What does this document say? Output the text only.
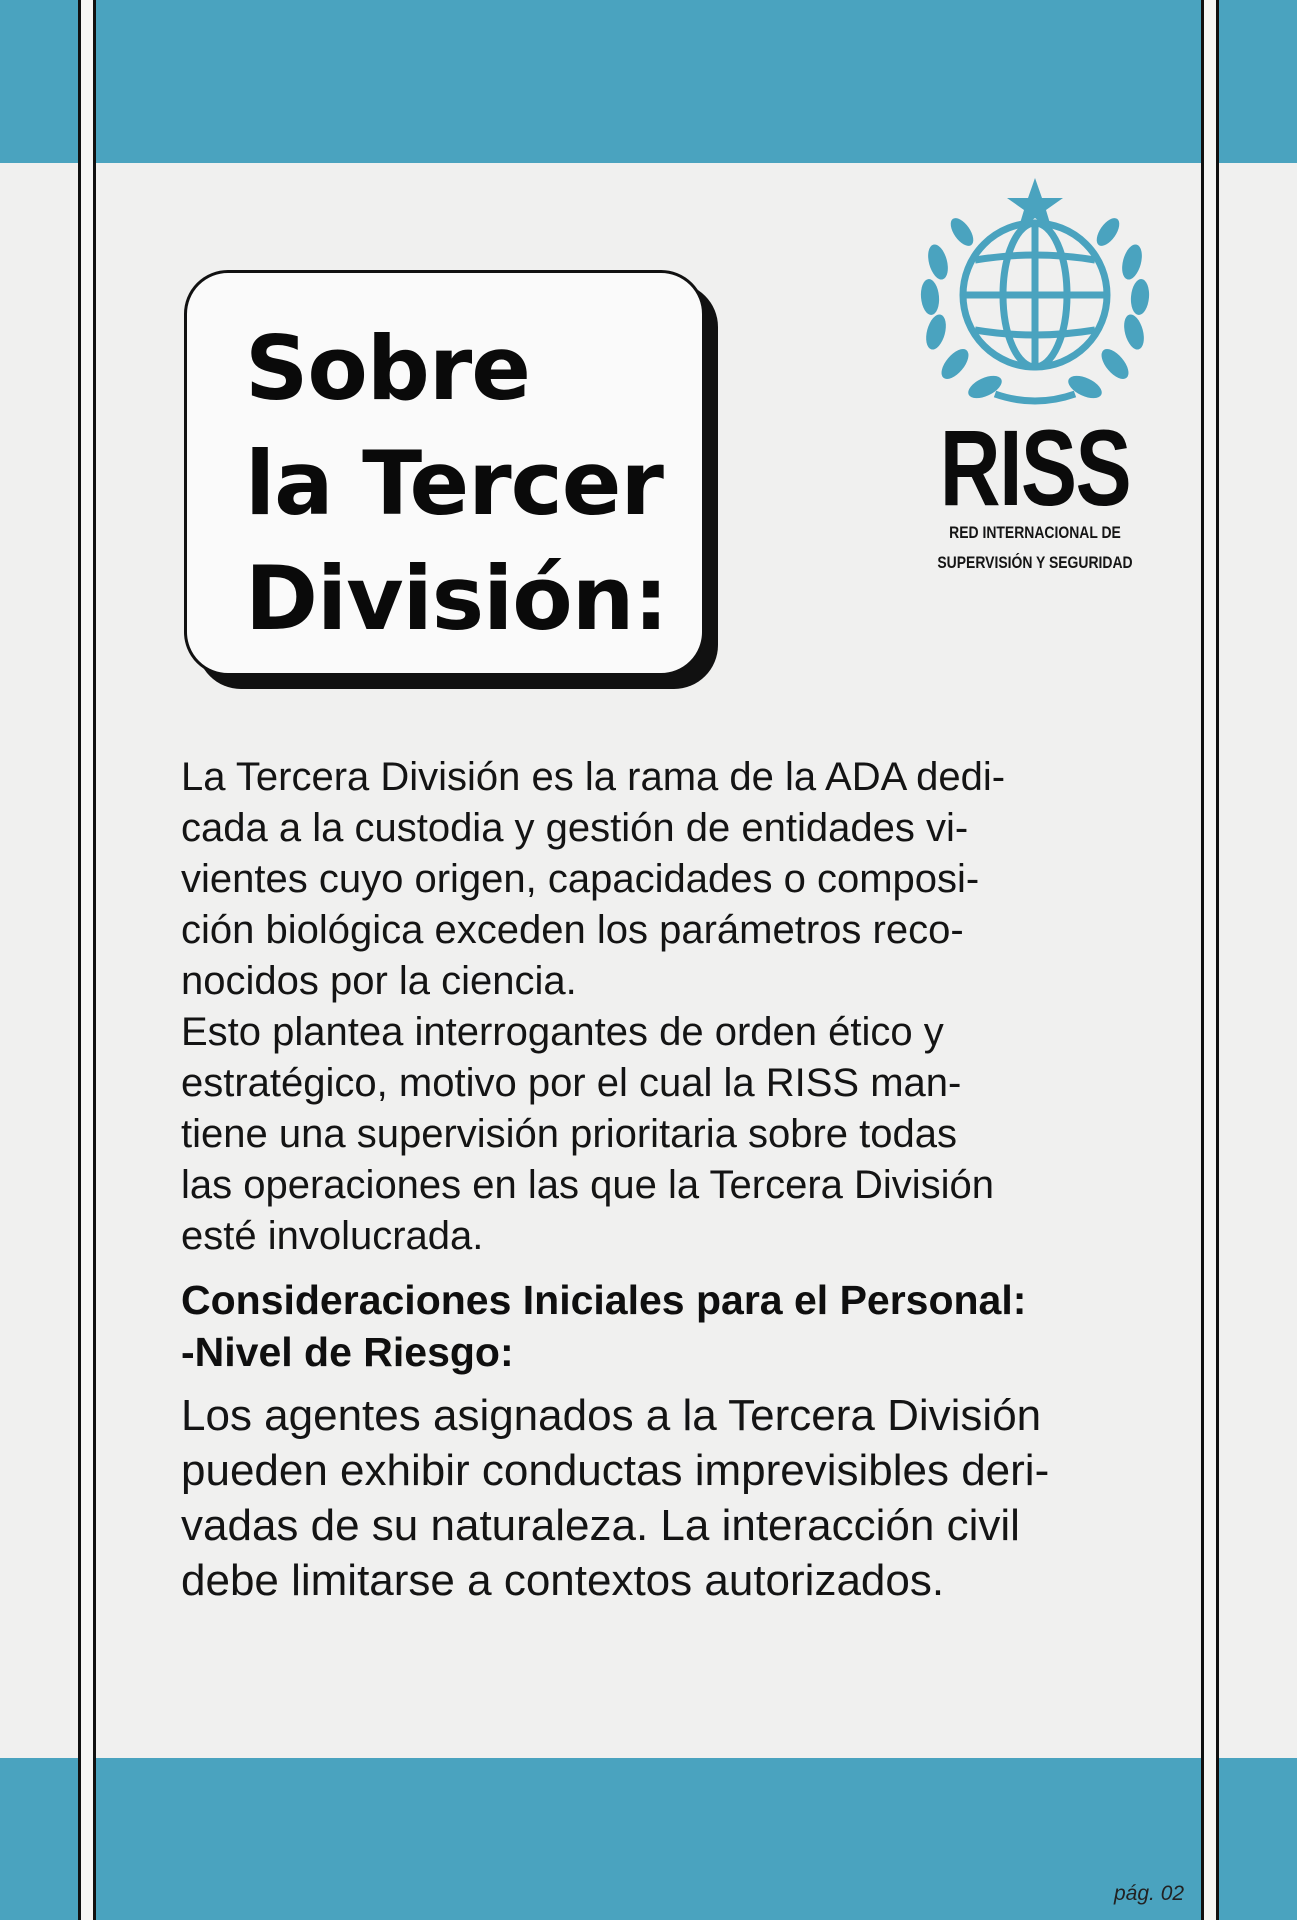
Sobre
la Tercer
División:
RISS
RED INTERNACIONAL DE
SUPERVISIÓN Y SEGURIDAD

La Tercera División es la rama de la ADA dedi-

cada a la custodia y gestión de entidades vi-

vientes cuyo origen, capacidades o composi-

ción biológica exceden los parámetros reco-

nocidos por la ciencia.

Esto plantea interrogantes de orden ético y

estratégico, motivo por el cual la RISS man-

tiene una supervisión prioritaria sobre todas

las operaciones en las que la Tercera División

esté involucrada.

Consideraciones Iniciales para el Personal:

-Nivel de Riesgo:

Los agentes asignados a la Tercera División

pueden exhibir conductas imprevisibles deri-

vadas de su naturaleza. La interacción civil

debe limitarse a contextos autorizados.

pág. 02
